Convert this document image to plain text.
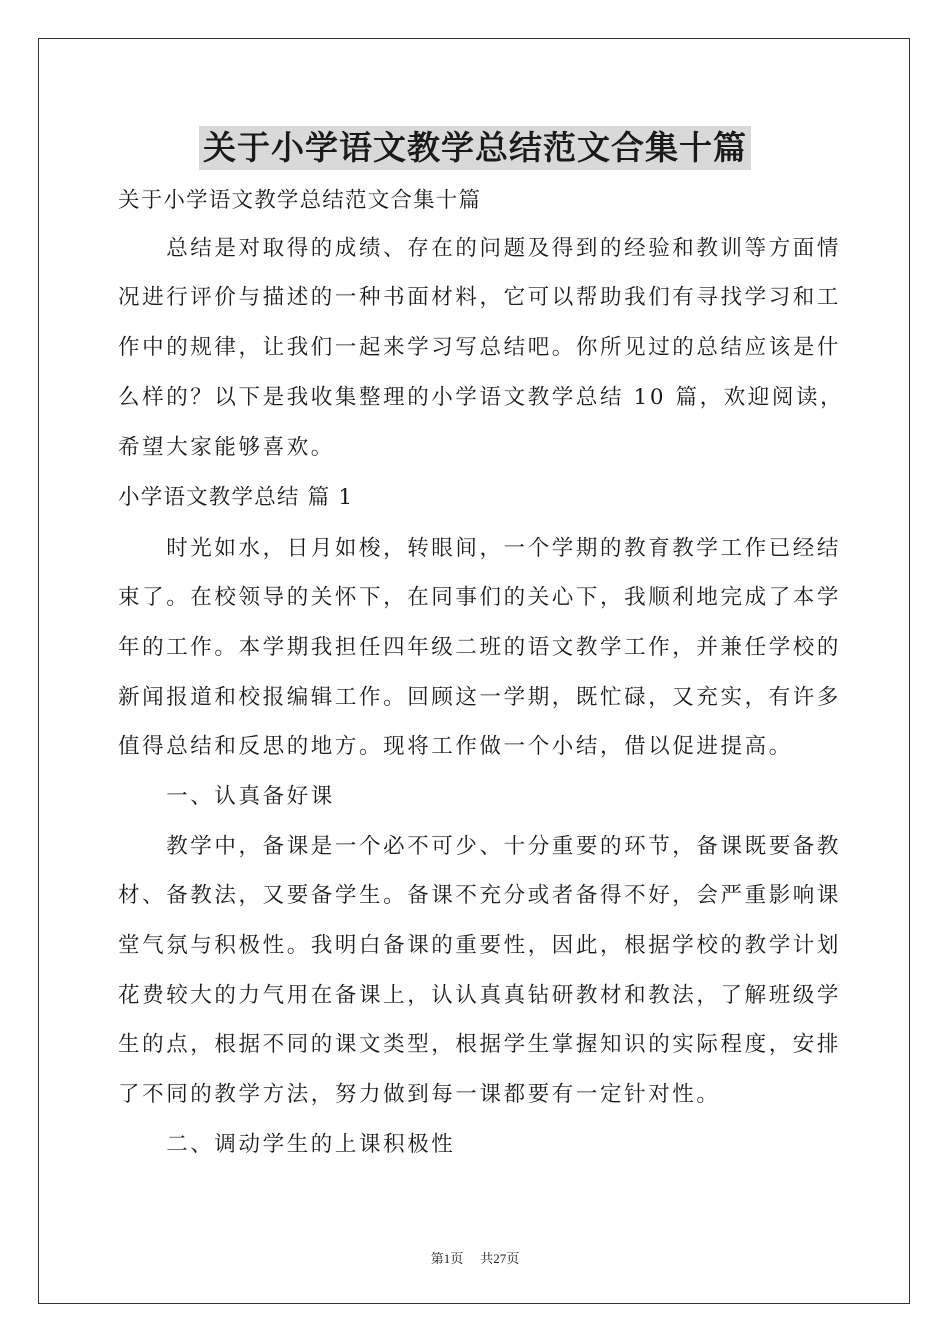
关于小学语文教学总结范文合集十篇
关于小学语文教学总结范文合集十篇
　　总结是对取得的成绩、存在的问题及得到的经验和教训等方面情
况进行评价与描述的一种书面材料，它可以帮助我们有寻找学习和工
作中的规律，让我们一起来学习写总结吧。你所见过的总结应该是什
么样的？以下是我收集整理的小学语文教学总结 10 篇，欢迎阅读，
希望大家能够喜欢。
小学语文教学总结 篇 1
　　时光如水，日月如梭，转眼间，一个学期的教育教学工作已经结
束了。在校领导的关怀下，在同事们的关心下，我顺利地完成了本学
年的工作。本学期我担任四年级二班的语文教学工作，并兼任学校的
新闻报道和校报编辑工作。回顾这一学期，既忙碌，又充实，有许多
值得总结和反思的地方。现将工作做一个小结，借以促进提高。
　　一、认真备好课
　　教学中，备课是一个必不可少、十分重要的环节，备课既要备教
材、备教法，又要备学生。备课不充分或者备得不好，会严重影响课
堂气氛与积极性。我明白备课的重要性，因此，根据学校的教学计划
花费较大的力气用在备课上，认认真真钻研教材和教法，了解班级学
生的点，根据不同的课文类型，根据学生掌握知识的实际程度，安排
了不同的教学方法，努力做到每一课都要有一定针对性。
　　二、调动学生的上课积极性
第1页 共27页
